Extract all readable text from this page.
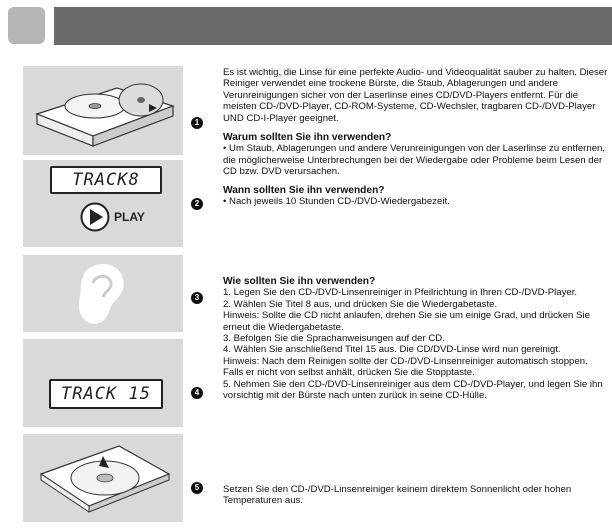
1
TRACK8
PLAY
2
3
TRACK 15	4
5

Es ist wichtig, die Linse für eine perfekte Audio- und Videoqualität sauber zu halten. Dieser Reiniger verwendet eine trockene Bürste, die Staub, Ablagerungen und andere Verunreinigungen sicher von der Laserlinse eines CD/DVD-Players entfernt. Für die meisten CD-/DVD-Player, CD-ROM-Systeme, CD-Wechsler, tragbaren CD-/DVD-Player UND CD-I-Player geeignet.

Warum sollten Sie ihn verwenden?

• Um Staub, Ablagerungen und andere Verunreinigungen von der Laserlinse zu entfernen, die möglicherweise Unterbrechungen bei der Wiedergabe oder Probleme beim Lesen der CD bzw. DVD verursachen.

Wann sollten Sie ihn verwenden?

• Nach jeweils 10 Stunden CD-/DVD-Wiedergabezeit.

Wie sollten Sie ihn verwenden?

1. Legen Sie den CD-/DVD-Linsenreiniger in Pfeilrichtung in Ihren CD-/DVD-Player.

2. Wählen Sie Titel 8 aus, und drücken Sie die Wiedergabetaste.

Hinweis: Sollte die CD nicht anlaufen, drehen Sie sie um einige Grad, und drücken Sie erneut die Wiedergabetaste.

3. Befolgen Sie die Sprachanweisungen auf der CD.

4. Wählen Sie anschließend Titel 15 aus. Die CD/DVD-Linse wird nun gereinigt.

Hinweis: Nach dem Reinigen sollte der CD-/DVD-Linsenreiniger automatisch stoppen. Falls er nicht von selbst anhält, drücken Sie die Stopptaste.

5. Nehmen Sie den CD-/DVD-Linsenreiniger aus dem CD-/DVD-Player, und legen Sie ihn vorsichtig mit der Bürste nach unten zurück in seine CD-Hülle.

Setzen Sie den CD-/DVD-Linsenreiniger keinem direktem Sonnenlicht oder hohen Temperaturen aus.
